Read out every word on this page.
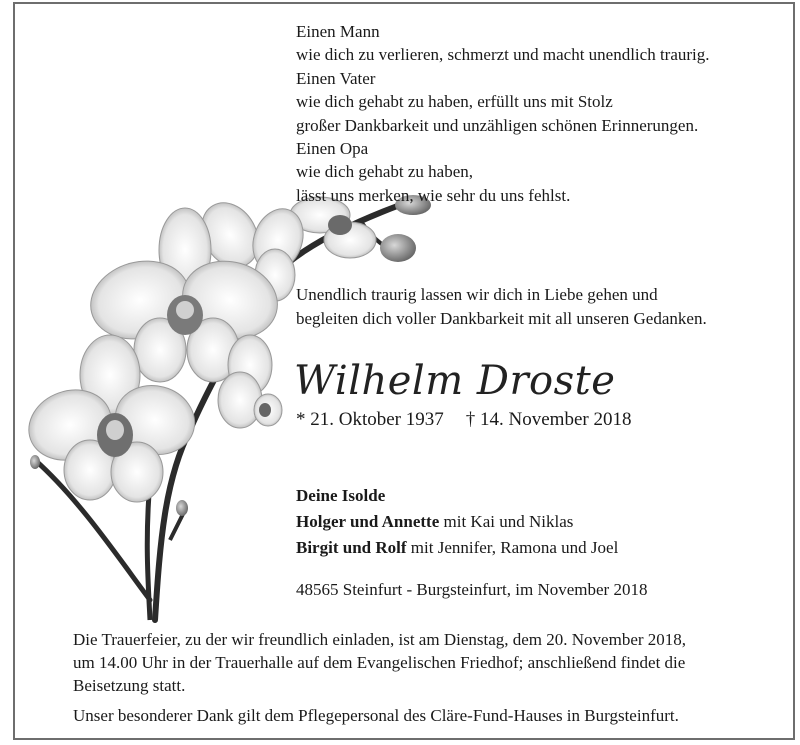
Einen Mann
wie dich zu verlieren, schmerzt und macht unendlich traurig.
Einen Vater
wie dich gehabt zu haben, erfüllt uns mit Stolz
großer Dankbarkeit und unzähligen schönen Erinnerungen.
Einen Opa
wie dich gehabt zu haben,
lässt uns merken, wie sehr du uns fehlst.
Unendlich traurig lassen wir dich in Liebe gehen und
begleiten dich voller Dankbarkeit mit all unseren Gedanken.
Wilhelm Droste
* 21. Oktober 1937 † 14. November 2018
Deine Isolde
Holger und Annette mit Kai und Niklas
Birgit und Rolf mit Jennifer, Ramona und Joel
48565 Steinfurt - Burgsteinfurt, im November 2018
Die Trauerfeier, zu der wir freundlich einladen, ist am Dienstag, dem 20. November 2018,
um 14.00 Uhr in der Trauerhalle auf dem Evangelischen Friedhof; anschließend findet die
Beisetzung statt.
Unser besonderer Dank gilt dem Pflegepersonal des Cläre-Fund-Hauses in Burgsteinfurt.
